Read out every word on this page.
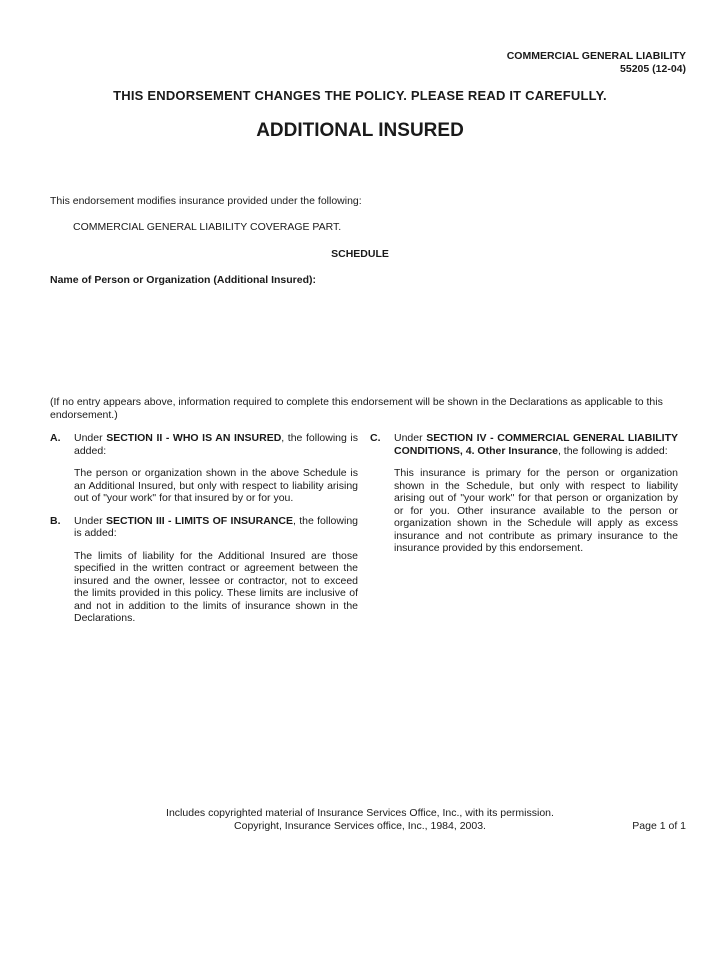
COMMERCIAL GENERAL LIABILITY
55205 (12-04)
THIS ENDORSEMENT CHANGES THE POLICY. PLEASE READ IT CAREFULLY.
ADDITIONAL INSURED
This endorsement modifies insurance provided under the following:
COMMERCIAL GENERAL LIABILITY COVERAGE PART.
SCHEDULE
Name of Person or Organization (Additional Insured):
(If no entry appears above, information required to complete this endorsement will be shown in the Declarations as applicable to this endorsement.)
A. Under SECTION II - WHO IS AN INSURED, the following is added:

The person or organization shown in the above Schedule is an Additional Insured, but only with respect to liability arising out of "your work" for that insured by or for you.

B. Under SECTION III - LIMITS OF INSURANCE, the following is added:

The limits of liability for the Additional Insured are those specified in the written contract or agreement between the insured and the owner, lessee or contractor, not to exceed the limits provided in this policy. These limits are inclusive of and not in addition to the limits of insurance shown in the Declarations.

C. Under SECTION IV - COMMERCIAL GENERAL LIABILITY CONDITIONS, 4. Other Insurance, the following is added:

This insurance is primary for the person or organization shown in the Schedule, but only with respect to liability arising out of "your work" for that person or organization by or for you. Other insurance available to the person or organization shown in the Schedule will apply as excess insurance and not contribute as primary insurance to the insurance provided by this endorsement.

Includes copyrighted material of Insurance Services Office, Inc., with its permission.
Copyright, Insurance Services office, Inc., 1984, 2003.	Page 1 of 1
